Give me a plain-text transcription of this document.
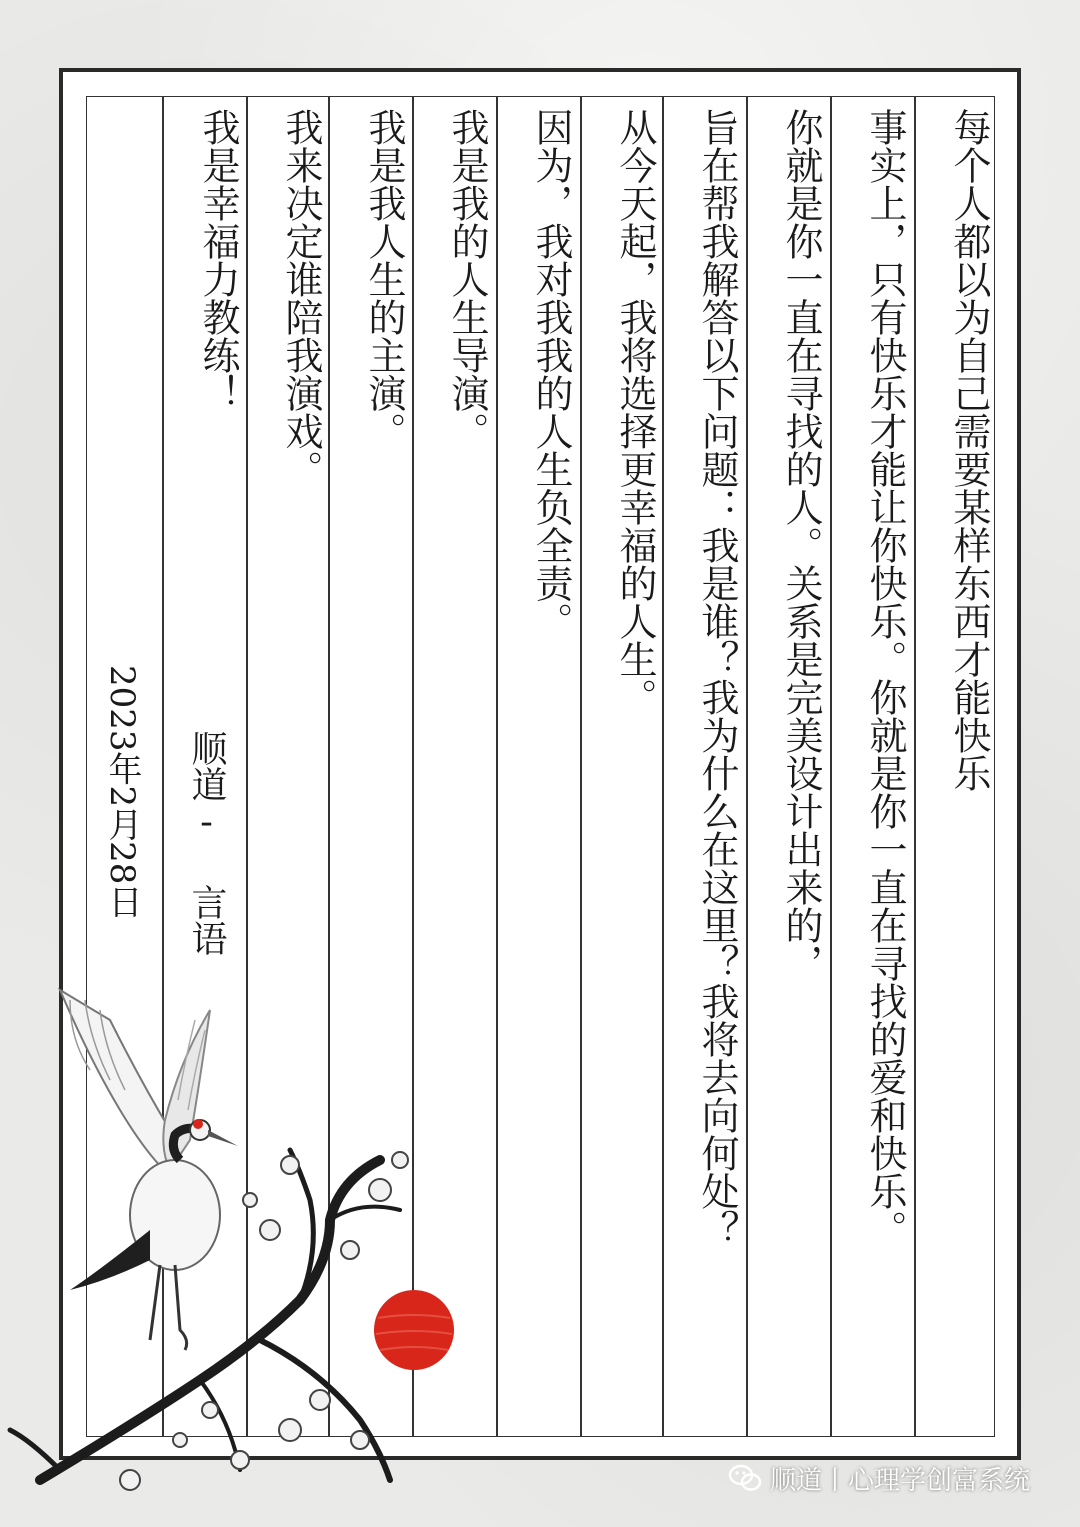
每个人都以为自己需要某样东西才能快乐
事实上，只有快乐才能让你快乐。你就是你一直在寻找的爱和快乐。
你就是你一直在寻找的人。关系是完美设计出来的，
旨在帮我解答以下问题：我是谁？我为什么在这里？我将去向何处？
从今天起，我将选择更幸福的人生。
因为，我对我我的人生负全责。
我是我的人生导演。
我是我人生的主演。
我来决定谁陪我演戏。
我是幸福力教练！
顺道- 言语
2023年2月28日
顺道丨心理学创富系统
